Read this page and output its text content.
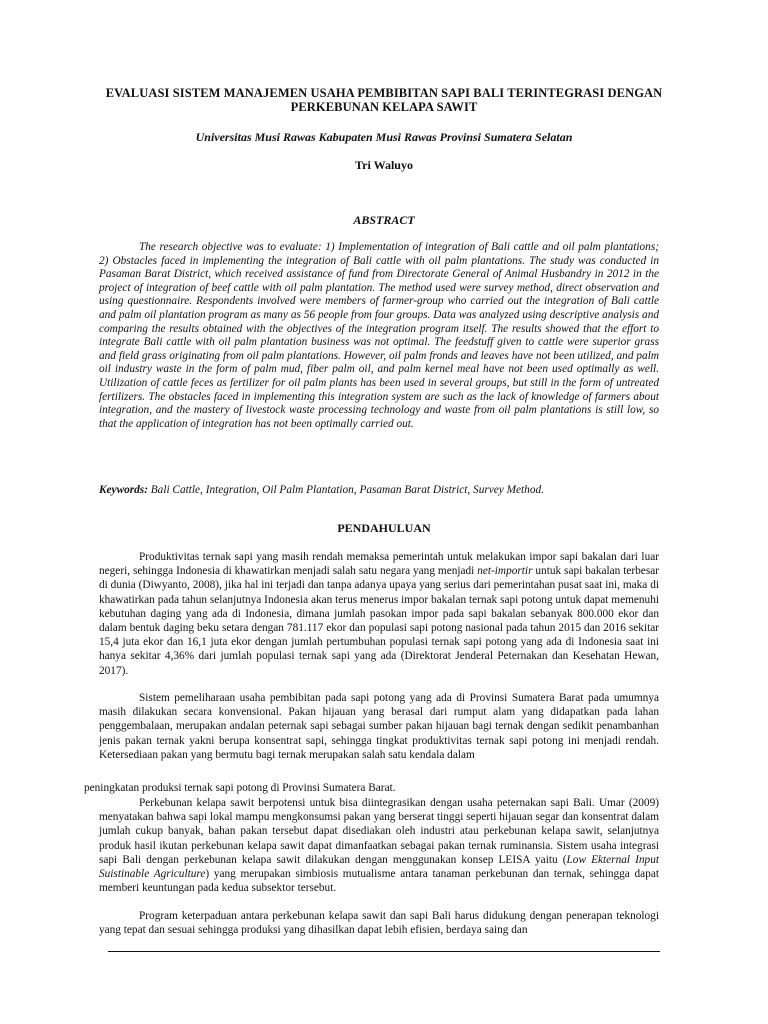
EVALUASI SISTEM MANAJEMEN USAHA PEMBIBITAN SAPI BALI TERINTEGRASI DENGAN PERKEBUNAN KELAPA SAWIT
Universitas Musi Rawas Kabupaten Musi Rawas Provinsi Sumatera Selatan
Tri Waluyo
ABSTRACT

The research objective was to evaluate: 1) Implementation of integration of Bali cattle and oil palm plantations; 2) Obstacles faced in implementing the integration of Bali cattle with oil palm plantations. The study was conducted in Pasaman Barat District, which received assistance of fund from Directorate General of Animal Husbandry in 2012 in the project of integration of beef cattle with oil palm plantation. The method used were survey method, direct observation and using questionnaire. Respondents involved were members of farmer-group who carried out the integration of Bali cattle and palm oil plantation program as many as 56 people from four groups. Data was analyzed using descriptive analysis and comparing the results obtained with the objectives of the integration program itself. The results showed that the effort to integrate Bali cattle with oil palm plantation business was not optimal. The feedstuff given to cattle were superior grass and field grass originating from oil palm plantations. However, oil palm fronds and leaves have not been utilized, and palm oil industry waste in the form of palm mud, fiber palm oil, and palm kernel meal have not been used optimally as well. Utilization of cattle feces as fertilizer for oil palm plants has been used in several groups, but still in the form of untreated fertilizers. The obstacles faced in implementing this integration system are such as the lack of knowledge of farmers about integration, and the mastery of livestock waste processing technology and waste from oil palm plantations is still low, so that the application of integration has not been optimally carried out.

Keywords: Bali Cattle, Integration, Oil Palm Plantation, Pasaman Barat District, Survey Method.

PENDAHULUAN

Produktivitas ternak sapi yang masih rendah memaksa pemerintah untuk melakukan impor sapi bakalan dari luar negeri, sehingga Indonesia di khawatirkan menjadi salah satu negara yang menjadi net-importir untuk sapi bakalan terbesar di dunia (Diwyanto, 2008), jika hal ini terjadi dan tanpa adanya upaya yang serius dari pemerintahan pusat saat ini, maka di khawatirkan pada tahun selanjutnya Indonesia akan terus menerus impor bakalan ternak sapi potong untuk dapat memenuhi kebutuhan daging yang ada di Indonesia, dimana jumlah pasokan impor pada sapi bakalan sebanyak 800.000 ekor dan dalam bentuk daging beku setara dengan 781.117 ekor dan populasi sapi potong nasional pada tahun 2015 dan 2016 sekitar 15,4 juta ekor dan 16,1 juta ekor dengan jumlah pertumbuhan populasi ternak sapi potong yang ada di Indonesia saat ini hanya sekitar 4,36% dari jumlah populasi ternak sapi yang ada (Direktorat Jenderal Peternakan dan Kesehatan Hewan, 2017).

Sistem pemeliharaan usaha pembibitan pada sapi potong yang ada di Provinsi Sumatera Barat pada umumnya masih dilakukan secara konvensional. Pakan hijauan yang berasal dari rumput alam yang didapatkan pada lahan penggembalaan, merupakan andalan peternak sapi sebagai sumber pakan hijauan bagi ternak dengan sedikit penambanhan jenis pakan ternak yakni berupa konsentrat sapi, sehingga tingkat produktivitas ternak sapi potong ini menjadi rendah. Ketersediaan pakan yang bermutu bagi ternak merupakan salah satu kendala dalam

peningkatan produksi ternak sapi potong di Provinsi Sumatera Barat.

Perkebunan kelapa sawit berpotensi untuk bisa diintegrasikan dengan usaha peternakan sapi Bali. Umar (2009) menyatakan bahwa sapi lokal mampu mengkonsumsi pakan yang berserat tinggi seperti hijauan segar dan konsentrat dalam jumlah cukup banyak, bahan pakan tersebut dapat disediakan oleh industri atau perkebunan kelapa sawit, selanjutnya produk hasil ikutan perkebunan kelapa sawit dapat dimanfaatkan sebagai pakan ternak ruminansia. Sistem usaha integrasi sapi Bali dengan perkebunan kelapa sawit dilakukan dengan menggunakan konsep LEISA yaitu (Low Ekternal Input Suistinable Agriculture) yang merupakan simbiosis mutualisme antara tanaman perkebunan dan ternak, sehingga dapat memberi keuntungan pada kedua subsektor tersebut.

Program keterpaduan antara perkebunan kelapa sawit dan sapi Bali harus didukung dengan penerapan teknologi yang tepat dan sesuai sehingga produksi yang dihasilkan dapat lebih efisien, berdaya saing dan
